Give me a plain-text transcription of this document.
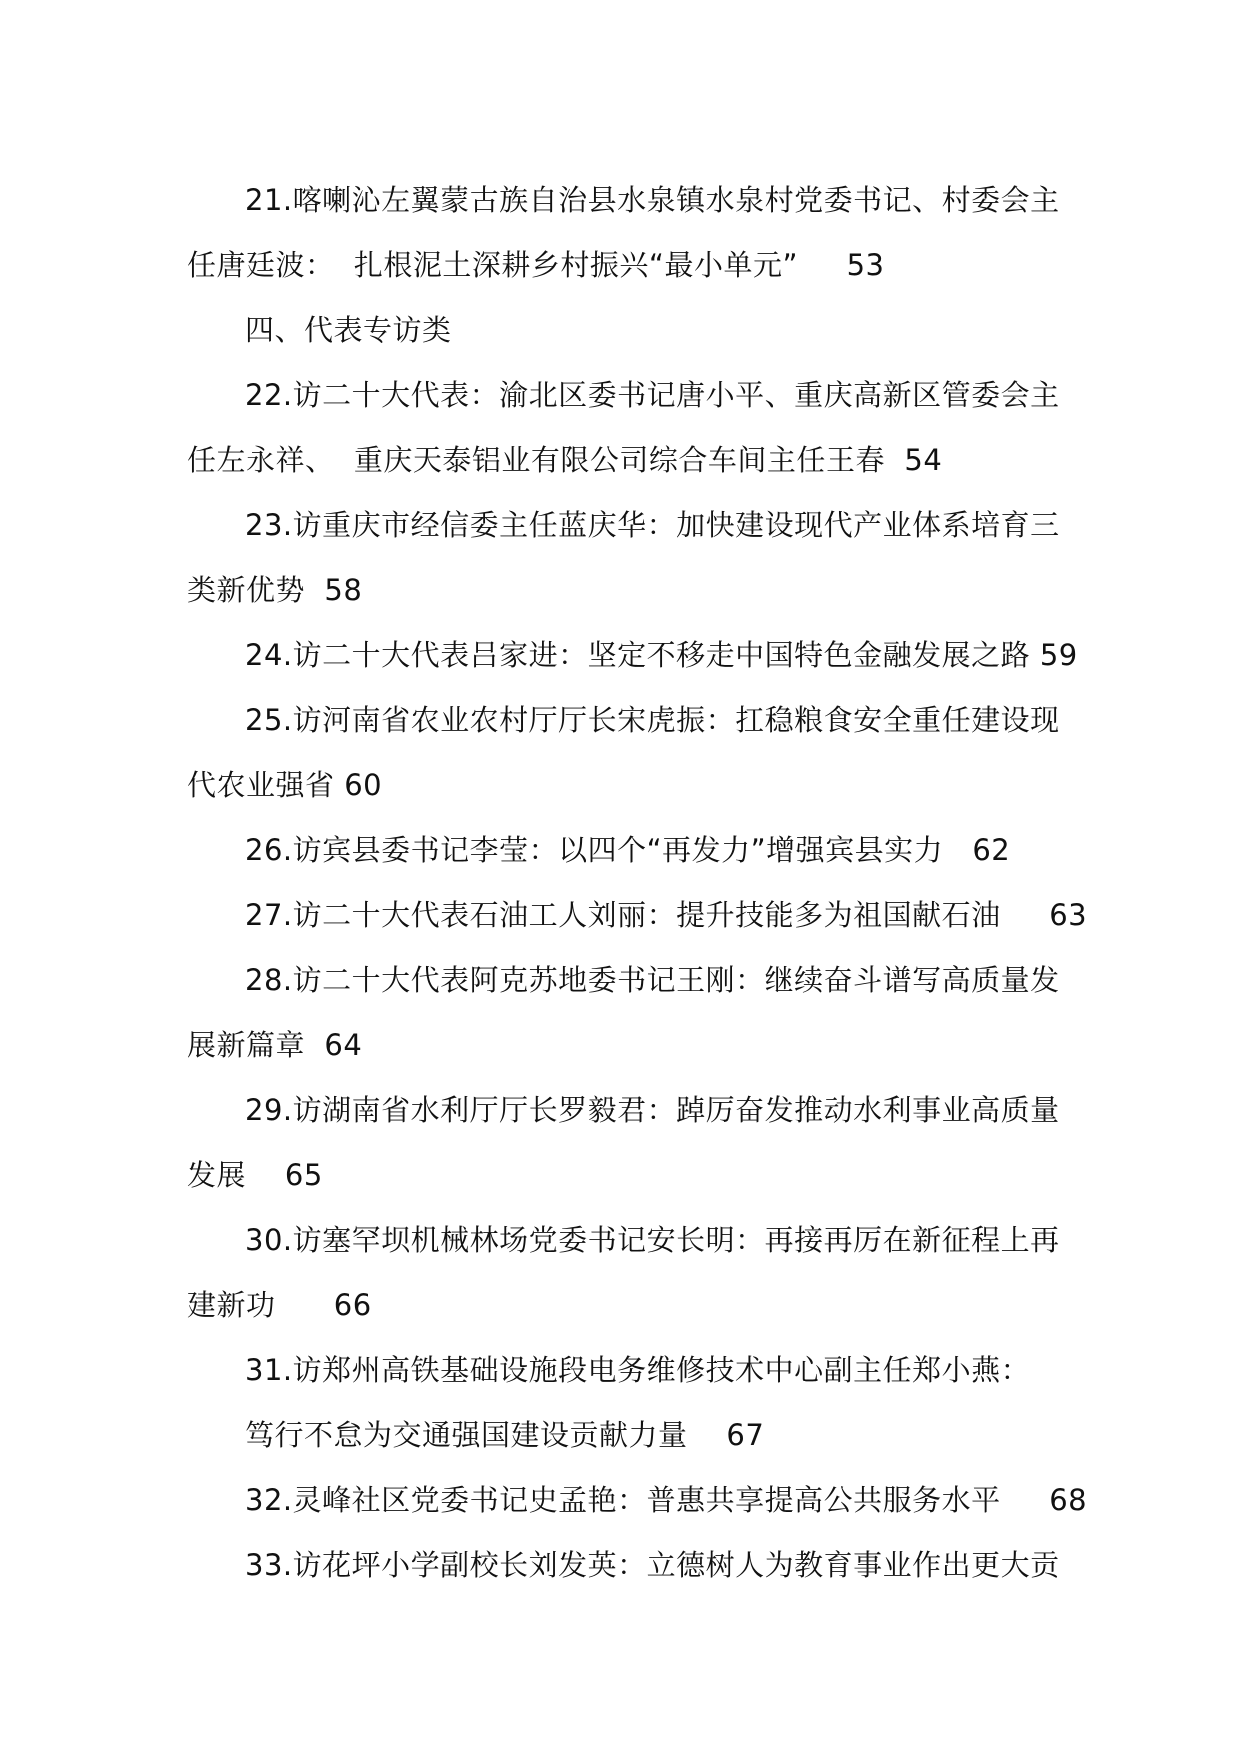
21.喀喇沁左翼蒙古族自治县水泉镇水泉村党委书记、村委会主
任唐廷波：  扎根泥土深耕乡村振兴“最小单元”     53
四、代表专访类
22.访二十大代表：渝北区委书记唐小平、重庆高新区管委会主
任左永祥、  重庆天泰铝业有限公司综合车间主任王春  54
23.访重庆市经信委主任蓝庆华：加快建设现代产业体系培育三
类新优势  58
24.访二十大代表吕家进：坚定不移走中国特色金融发展之路 59
25.访河南省农业农村厅厅长宋虎振：扛稳粮食安全重任建设现
代农业强省 60
26.访宾县委书记李莹：以四个“再发力”增强宾县实力   62
27.访二十大代表石油工人刘丽：提升技能多为祖国献石油     63
28.访二十大代表阿克苏地委书记王刚：继续奋斗谱写高质量发
展新篇章  64
29.访湖南省水利厅厅长罗毅君：踔厉奋发推动水利事业高质量
发展    65
30.访塞罕坝机械林场党委书记安长明：再接再厉在新征程上再
建新功      66
31.访郑州高铁基础设施段电务维修技术中心副主任郑小燕：
笃行不怠为交通强国建设贡献力量    67
32.灵峰社区党委书记史孟艳：普惠共享提高公共服务水平     68
33.访花坪小学副校长刘发英：立德树人为教育事业作出更大贡
